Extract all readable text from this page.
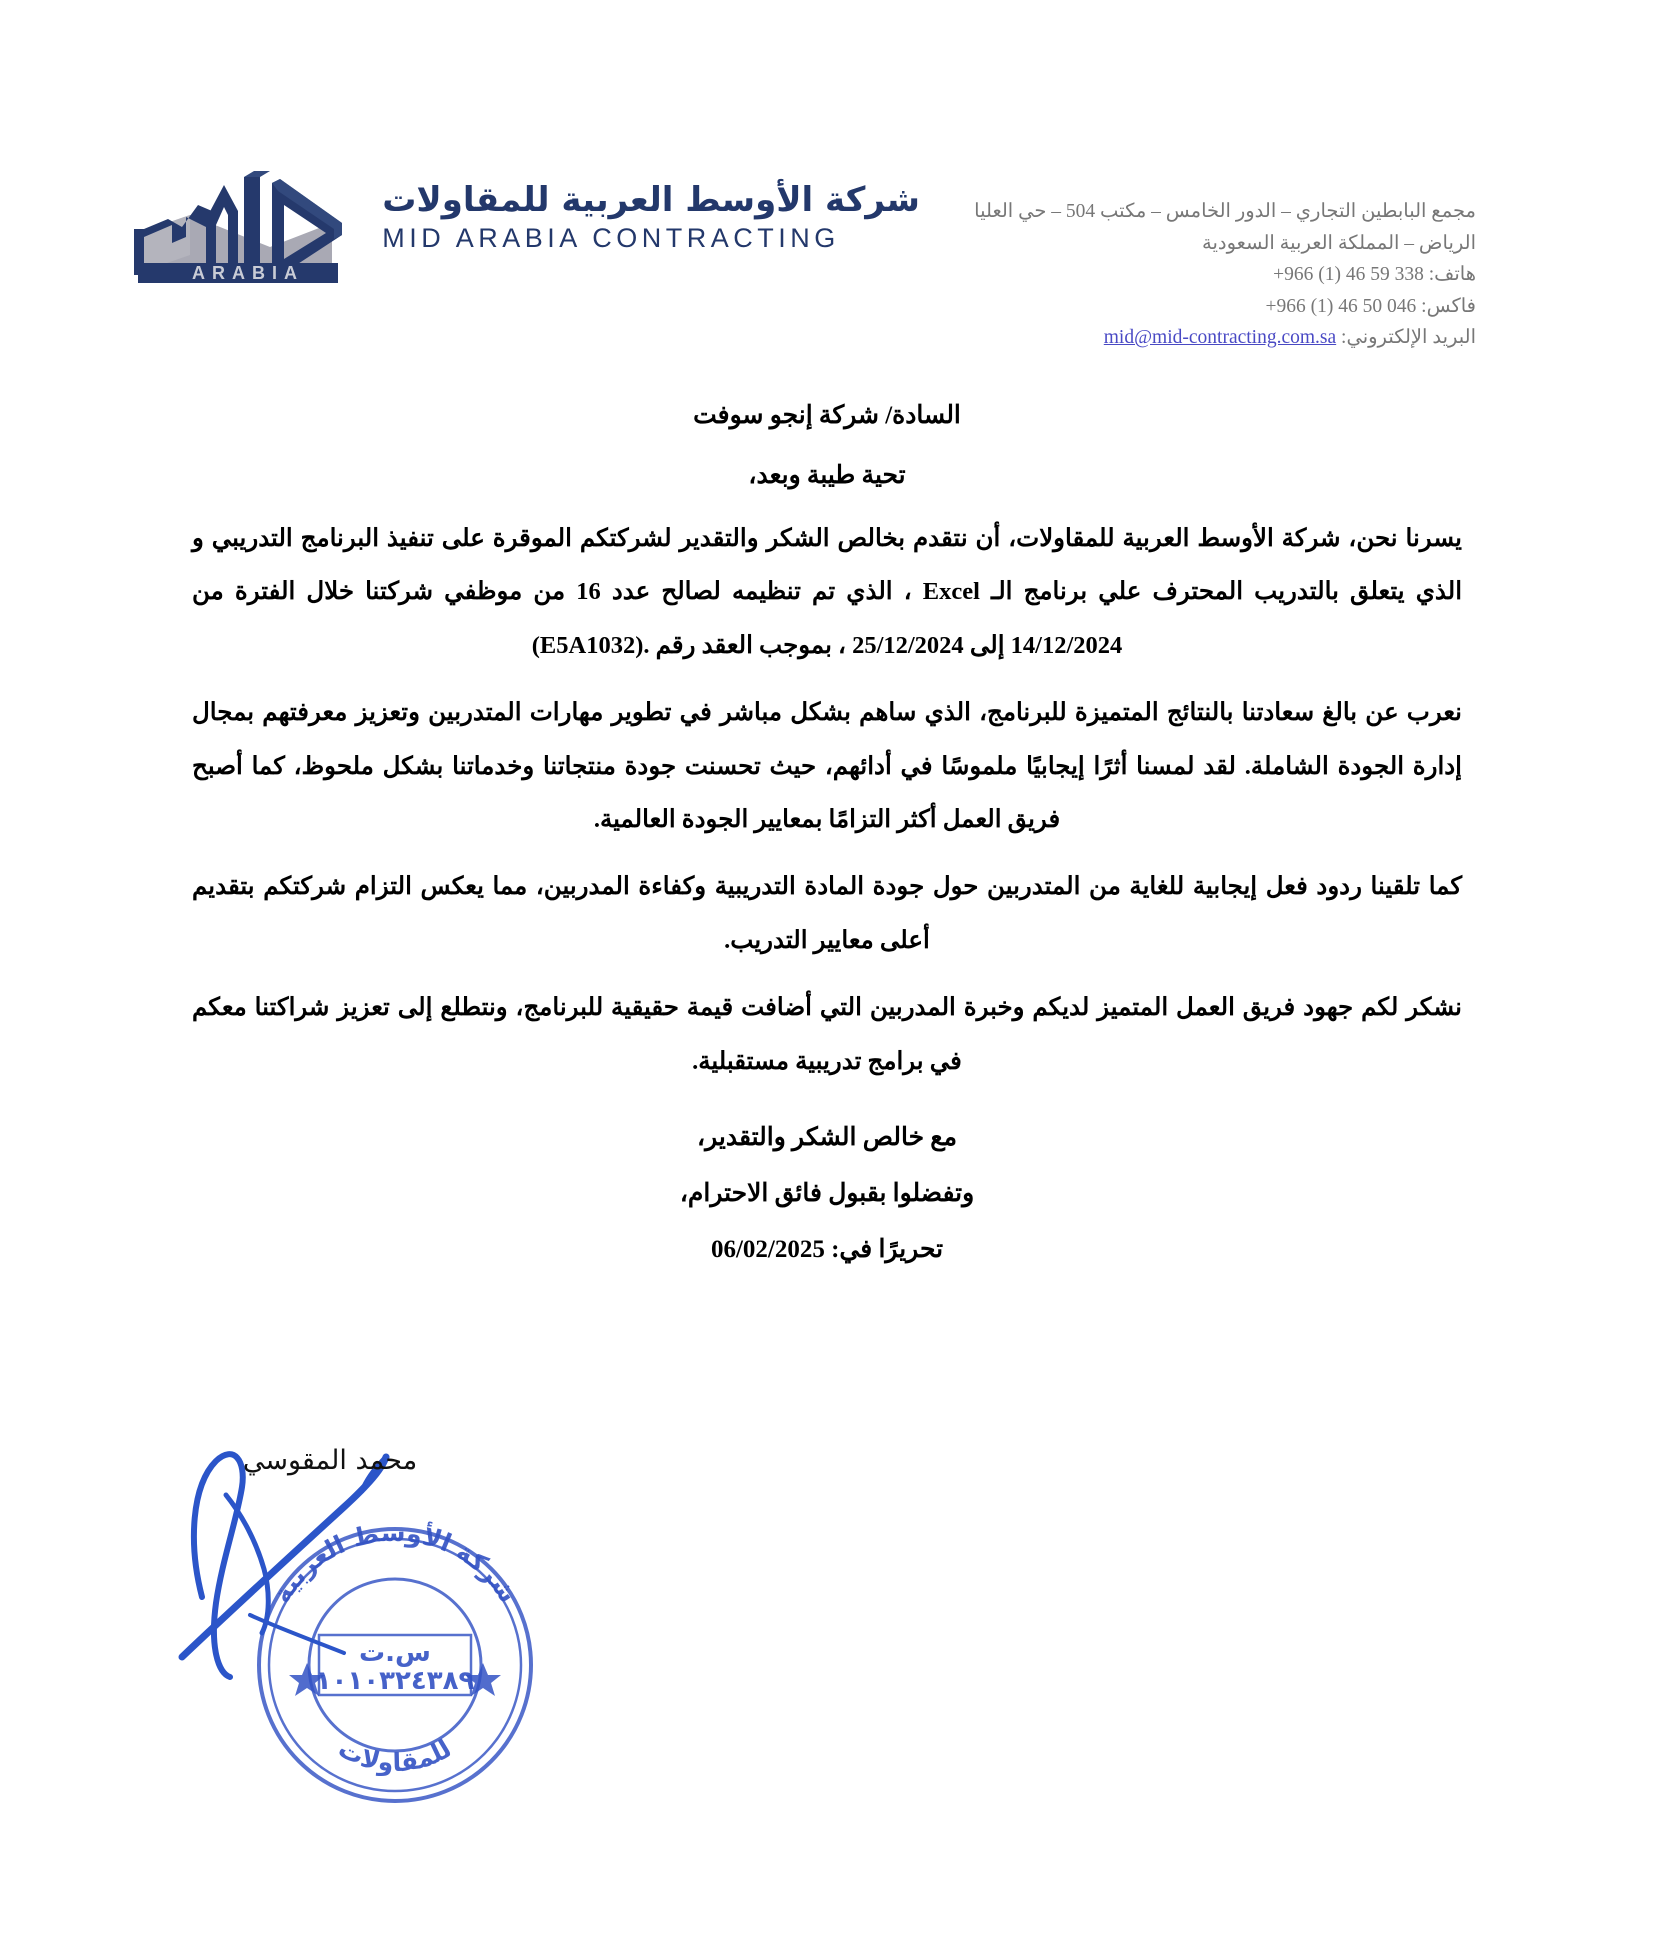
ARABIA
شركة الأوسط العربية للمقاولات
MID ARABIA CONTRACTING
مجمع البابطين التجاري – الدور الخامس – مكتب 504 – حي العليا
الرياض – المملكة العربية السعودية
هاتف: +966 (1) 46 59 338
فاكس: +966 (1) 46 50 046
البريد الإلكتروني: mid@mid-contracting.com.sa

السادة/ شركة إنجو سوفت

تحية طيبة وبعد،

يسرنا نحن، شركة الأوسط العربية للمقاولات، أن نتقدم بخالص الشكر والتقدير لشركتكم الموقرة على تنفيذ البرنامج التدريبي و الذي يتعلق بالتدريب المحترف علي برنامج الـ Excel ، الذي تم تنظيمه لصالح عدد 16 من موظفي شركتنا خلال الفترة من 14/12/2024 إلى 25/12/2024 ، بموجب العقد رقم .(E5A1032)

نعرب عن بالغ سعادتنا بالنتائج المتميزة للبرنامج، الذي ساهم بشكل مباشر في تطوير مهارات المتدربين وتعزيز معرفتهم بمجال إدارة الجودة الشاملة. لقد لمسنا أثرًا إيجابيًا ملموسًا في أدائهم، حيث تحسنت جودة منتجاتنا وخدماتنا بشكل ملحوظ، كما أصبح فريق العمل أكثر التزامًا بمعايير الجودة العالمية.

كما تلقينا ردود فعل إيجابية للغاية من المتدربين حول جودة المادة التدريبية وكفاءة المدربين، مما يعكس التزام شركتكم بتقديم أعلى معايير التدريب.

نشكر لكم جهود فريق العمل المتميز لديكم وخبرة المدربين التي أضافت قيمة حقيقية للبرنامج، ونتطلع إلى تعزيز شراكتنا معكم في برامج تدريبية مستقبلية.

مع خالص الشكر والتقدير،

وتفضلوا بقبول فائق الاحترام،

تحريرًا في: 06/02/2025

محمد المقوسي
شركة الأوسط العربية
للمقاولات
س.ت
١٠١٠٣٢٤٣٨٩
